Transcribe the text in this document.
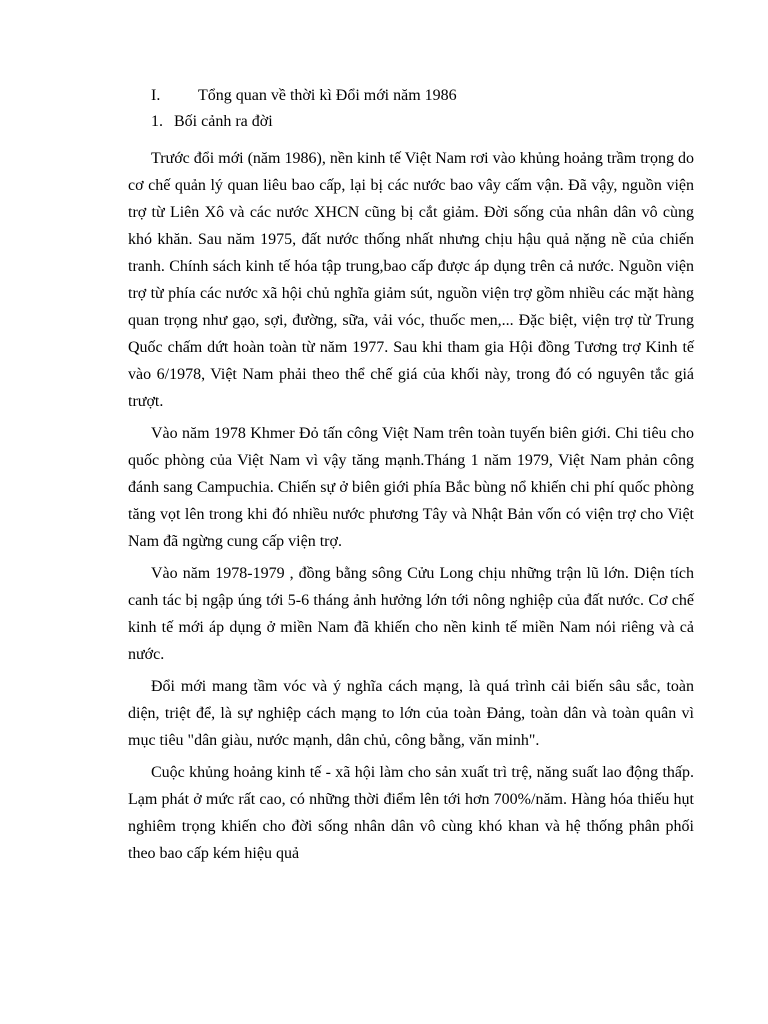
I. Tổng quan về thời kì Đổi mới năm 1986
1. Bối cảnh ra đời

Trước đổi mới (năm 1986), nền kinh tế Việt Nam rơi vào khủng hoảng trầm trọng do cơ chế quản lý quan liêu bao cấp, lại bị các nước bao vây cấm vận. Đã vậy, nguồn viện trợ từ Liên Xô và các nước XHCN cũng bị cắt giảm. Đời sống của nhân dân vô cùng khó khăn. Sau năm 1975, đất nước thống nhất nhưng chịu hậu quả nặng nề của chiến tranh. Chính sách kinh tế hóa tập trung,bao cấp được áp dụng trên cả nước. Nguồn viện trợ từ phía các nước xã hội chủ nghĩa giảm sút, nguồn viện trợ gồm nhiều các mặt hàng quan trọng như gạo, sợi, đường, sữa, vải vóc, thuốc men,... Đặc biệt, viện trợ từ Trung Quốc chấm dứt hoàn toàn từ năm 1977. Sau khi tham gia Hội đồng Tương trợ Kinh tế vào 6/1978, Việt Nam phải theo thể chế giá của khối này, trong đó có nguyên tắc giá trượt.

Vào năm 1978 Khmer Đỏ tấn công Việt Nam trên toàn tuyến biên giới. Chi tiêu cho quốc phòng của Việt Nam vì vậy tăng mạnh.Tháng 1 năm 1979, Việt Nam phản công đánh sang Campuchia. Chiến sự ở biên giới phía Bắc bùng nổ khiến chi phí quốc phòng tăng vọt lên trong khi đó nhiều nước phương Tây và Nhật Bản vốn có viện trợ cho Việt Nam đã ngừng cung cấp viện trợ.

Vào năm 1978-1979 , đồng bằng sông Cửu Long chịu những trận lũ lớn. Diện tích canh tác bị ngập úng tới 5-6 tháng ảnh hưởng lớn tới nông nghiệp của đất nước. Cơ chế kinh tế mới áp dụng ở miền Nam đã khiến cho nền kinh tế miền Nam nói riêng và cả nước.

Đổi mới mang tầm vóc và ý nghĩa cách mạng, là quá trình cải biến sâu sắc, toàn diện, triệt để, là sự nghiệp cách mạng to lớn của toàn Đảng, toàn dân và toàn quân vì mục tiêu "dân giàu, nước mạnh, dân chủ, công bằng, văn minh".

Cuộc khủng hoảng kinh tế - xã hội làm cho sản xuất trì trệ, năng suất lao động thấp. Lạm phát ở mức rất cao, có những thời điểm lên tới hơn 700%/năm. Hàng hóa thiếu hụt nghiêm trọng khiến cho đời sống nhân dân vô cùng khó khan và hệ thống phân phối theo bao cấp kém hiệu quả
